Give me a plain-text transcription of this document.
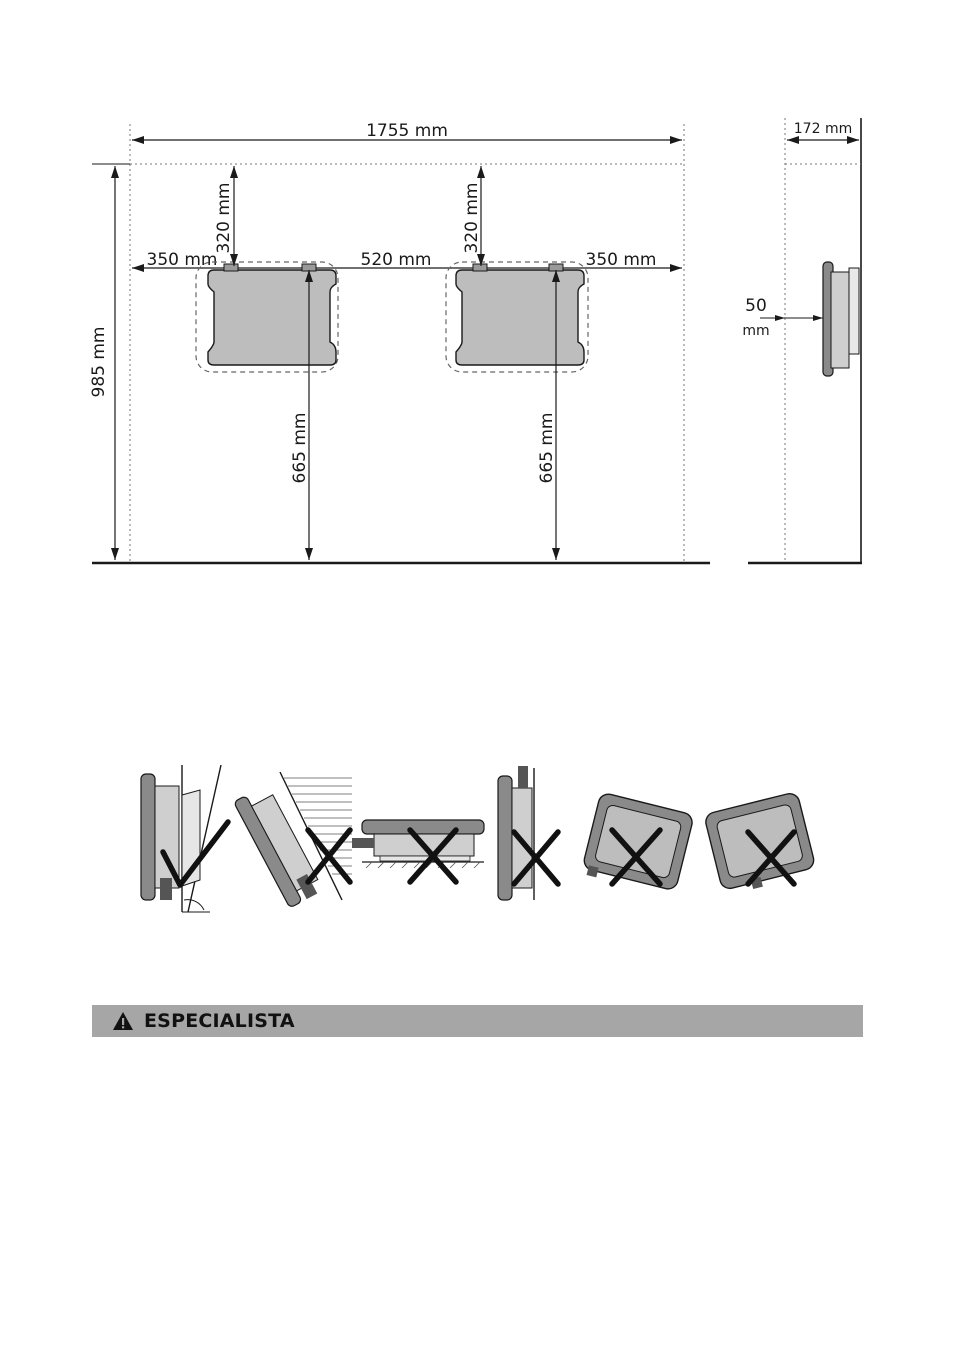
1755 mm
350 mm	520 mm	350 mm
985 mm
320 mm
665 mm
320 mm
665 mm
172 mm
50
mm
ESPECIALISTA
